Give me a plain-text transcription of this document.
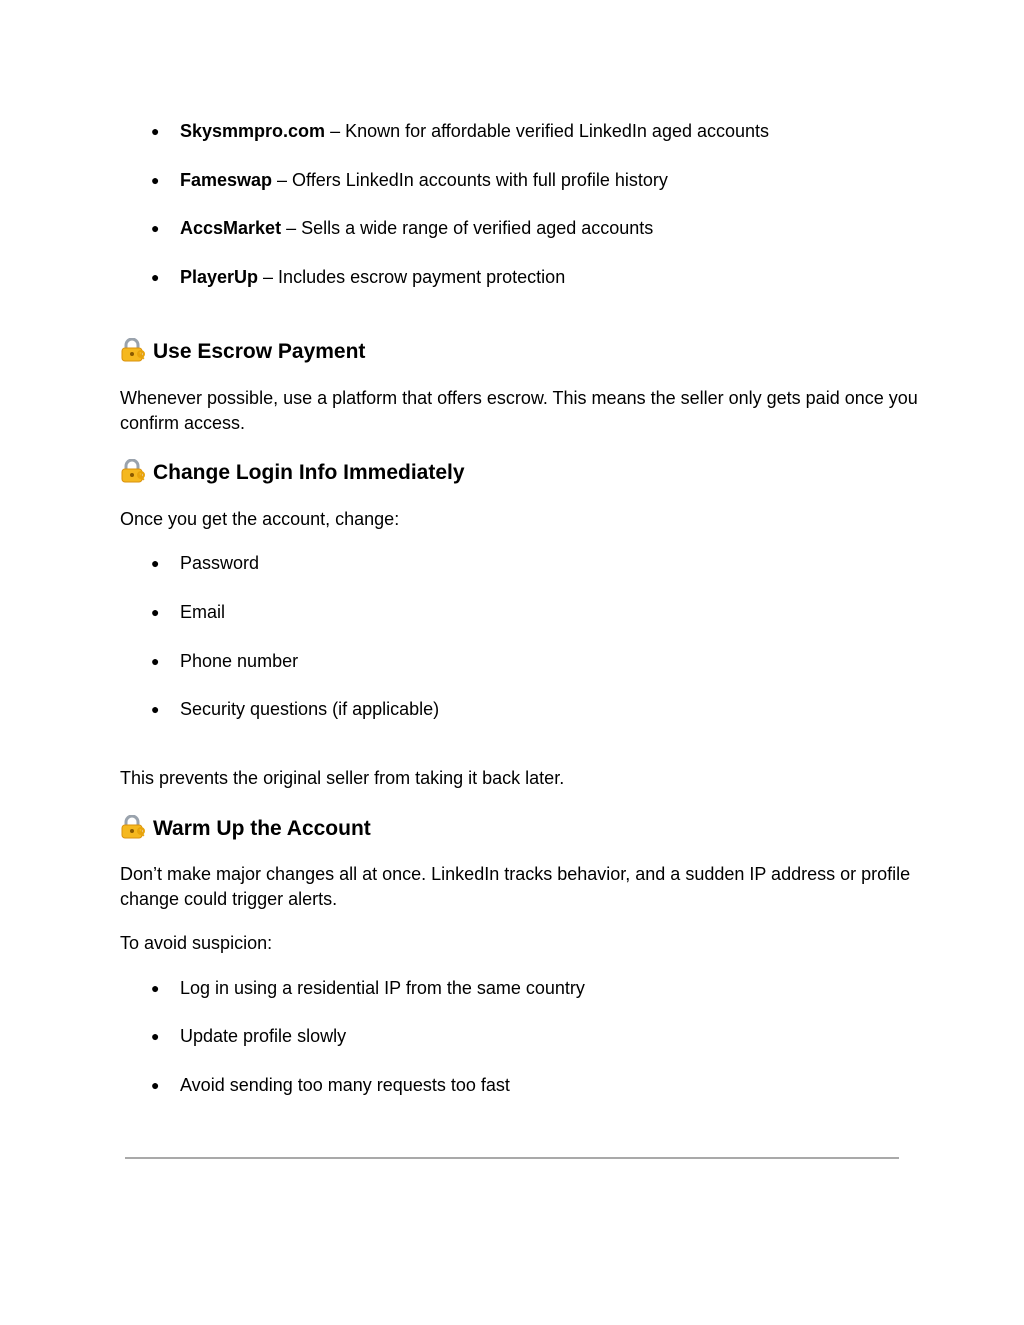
● Skysmmpro.com – Known for affordable verified LinkedIn aged accounts
● Fameswap – Offers LinkedIn accounts with full profile history
● AccsMarket – Sells a wide range of verified aged accounts
● PlayerUp – Includes escrow payment protection
Use Escrow Payment
Whenever possible, use a platform that offers escrow. This means the seller only gets paid once you confirm access.
Change Login Info Immediately
Once you get the account, change:
● Password
● Email
● Phone number
● Security questions (if applicable)
This prevents the original seller from taking it back later.
Warm Up the Account
Don’t make major changes all at once. LinkedIn tracks behavior, and a sudden IP address or profile change could trigger alerts.
To avoid suspicion:
● Log in using a residential IP from the same country
● Update profile slowly
● Avoid sending too many requests too fast
